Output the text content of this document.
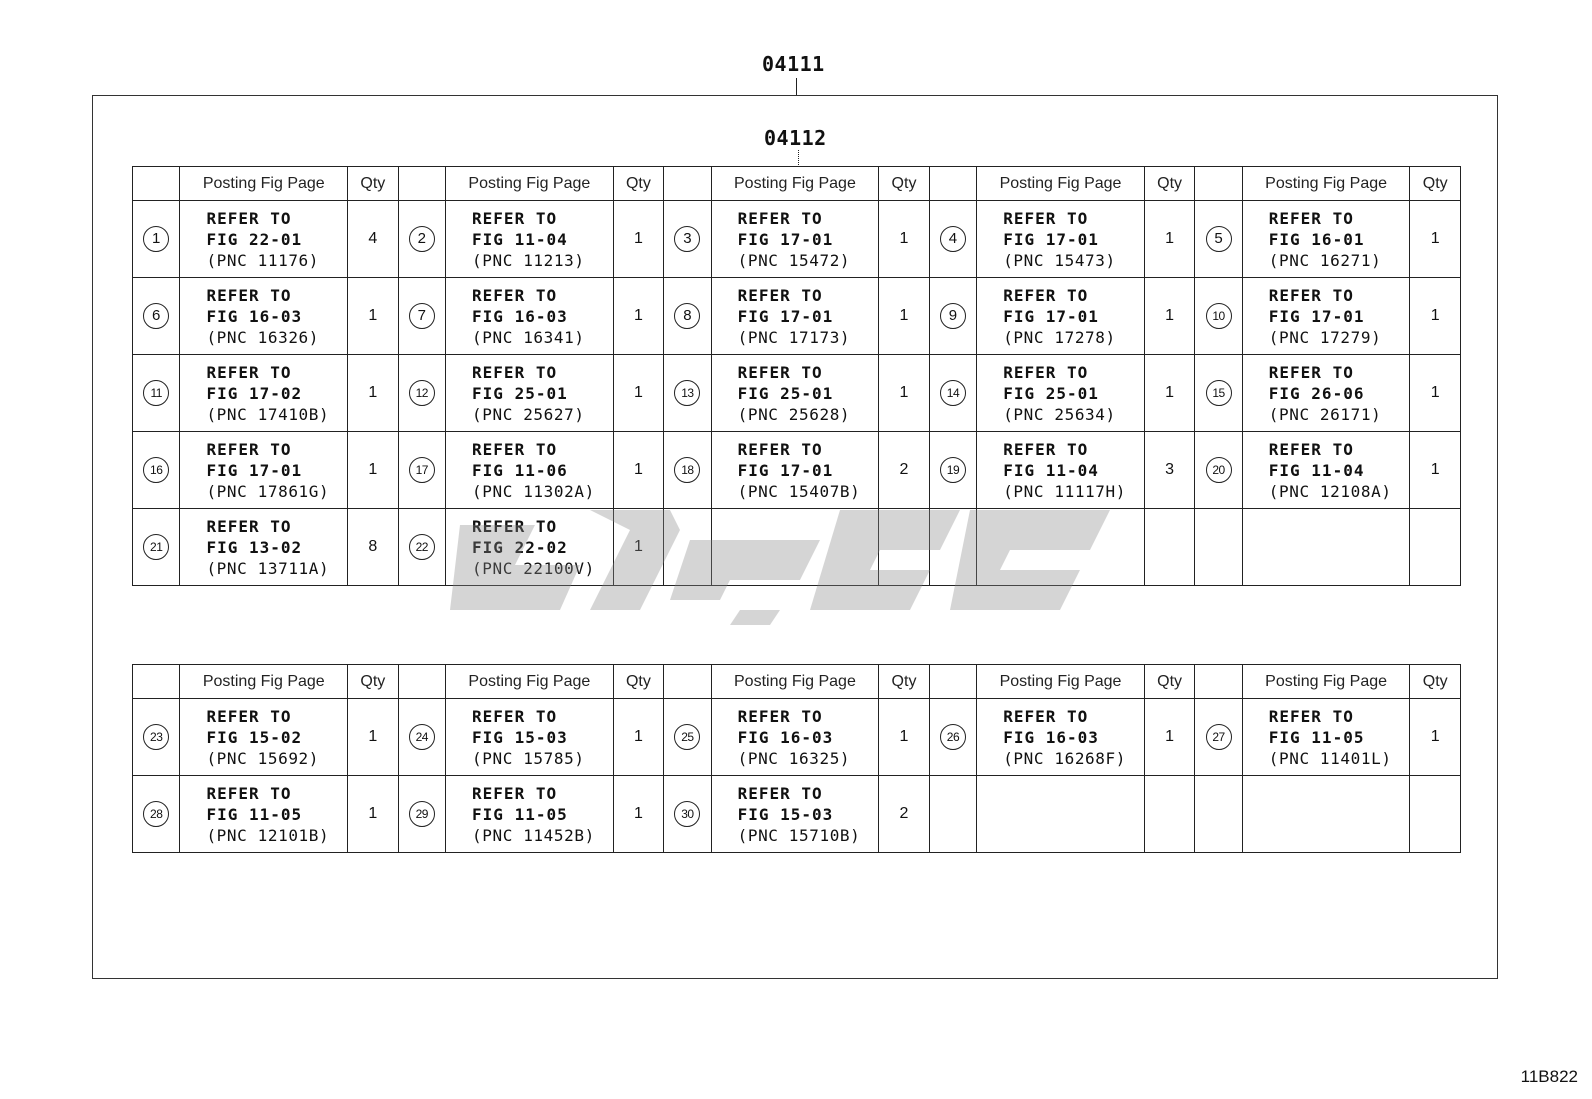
04111
04112
	Posting Fig Page	Qty		Posting Fig Page	Qty		Posting Fig Page	Qty		Posting Fig Page	Qty		Posting Fig Page	Qty
1	REFER TO
FIG 22-01
(PNC 11176)	4	2	REFER TO
FIG 11-04
(PNC 11213)	1	3	REFER TO
FIG 17-01
(PNC 15472)	1	4	REFER TO
FIG 17-01
(PNC 15473)	1	5	REFER TO
FIG 16-01
(PNC 16271)	1
6	REFER TO
FIG 16-03
(PNC 16326)	1	7	REFER TO
FIG 16-03
(PNC 16341)	1	8	REFER TO
FIG 17-01
(PNC 17173)	1	9	REFER TO
FIG 17-01
(PNC 17278)	1	10	REFER TO
FIG 17-01
(PNC 17279)	1
11	REFER TO
FIG 17-02
(PNC 17410B)	1	12	REFER TO
FIG 25-01
(PNC 25627)	1	13	REFER TO
FIG 25-01
(PNC 25628)	1	14	REFER TO
FIG 25-01
(PNC 25634)	1	15	REFER TO
FIG 26-06
(PNC 26171)	1
16	REFER TO
FIG 17-01
(PNC 17861G)	1	17	REFER TO
FIG 11-06
(PNC 11302A)	1	18	REFER TO
FIG 17-01
(PNC 15407B)	2	19	REFER TO
FIG 11-04
(PNC 11117H)	3	20	REFER TO
FIG 11-04
(PNC 12108A)	1
21	REFER TO
FIG 13-02
(PNC 13711A)	8	22	REFER TO
FIG 22-02
(PNC 22100V)	1									
	Posting Fig Page	Qty		Posting Fig Page	Qty		Posting Fig Page	Qty		Posting Fig Page	Qty		Posting Fig Page	Qty
23	REFER TO
FIG 15-02
(PNC 15692)	1	24	REFER TO
FIG 15-03
(PNC 15785)	1	25	REFER TO
FIG 16-03
(PNC 16325)	1	26	REFER TO
FIG 16-03
(PNC 16268F)	1	27	REFER TO
FIG 11-05
(PNC 11401L)	1
28	REFER TO
FIG 11-05
(PNC 12101B)	1	29	REFER TO
FIG 11-05
(PNC 11452B)	1	30	REFER TO
FIG 15-03
(PNC 15710B)	2						
11B822
